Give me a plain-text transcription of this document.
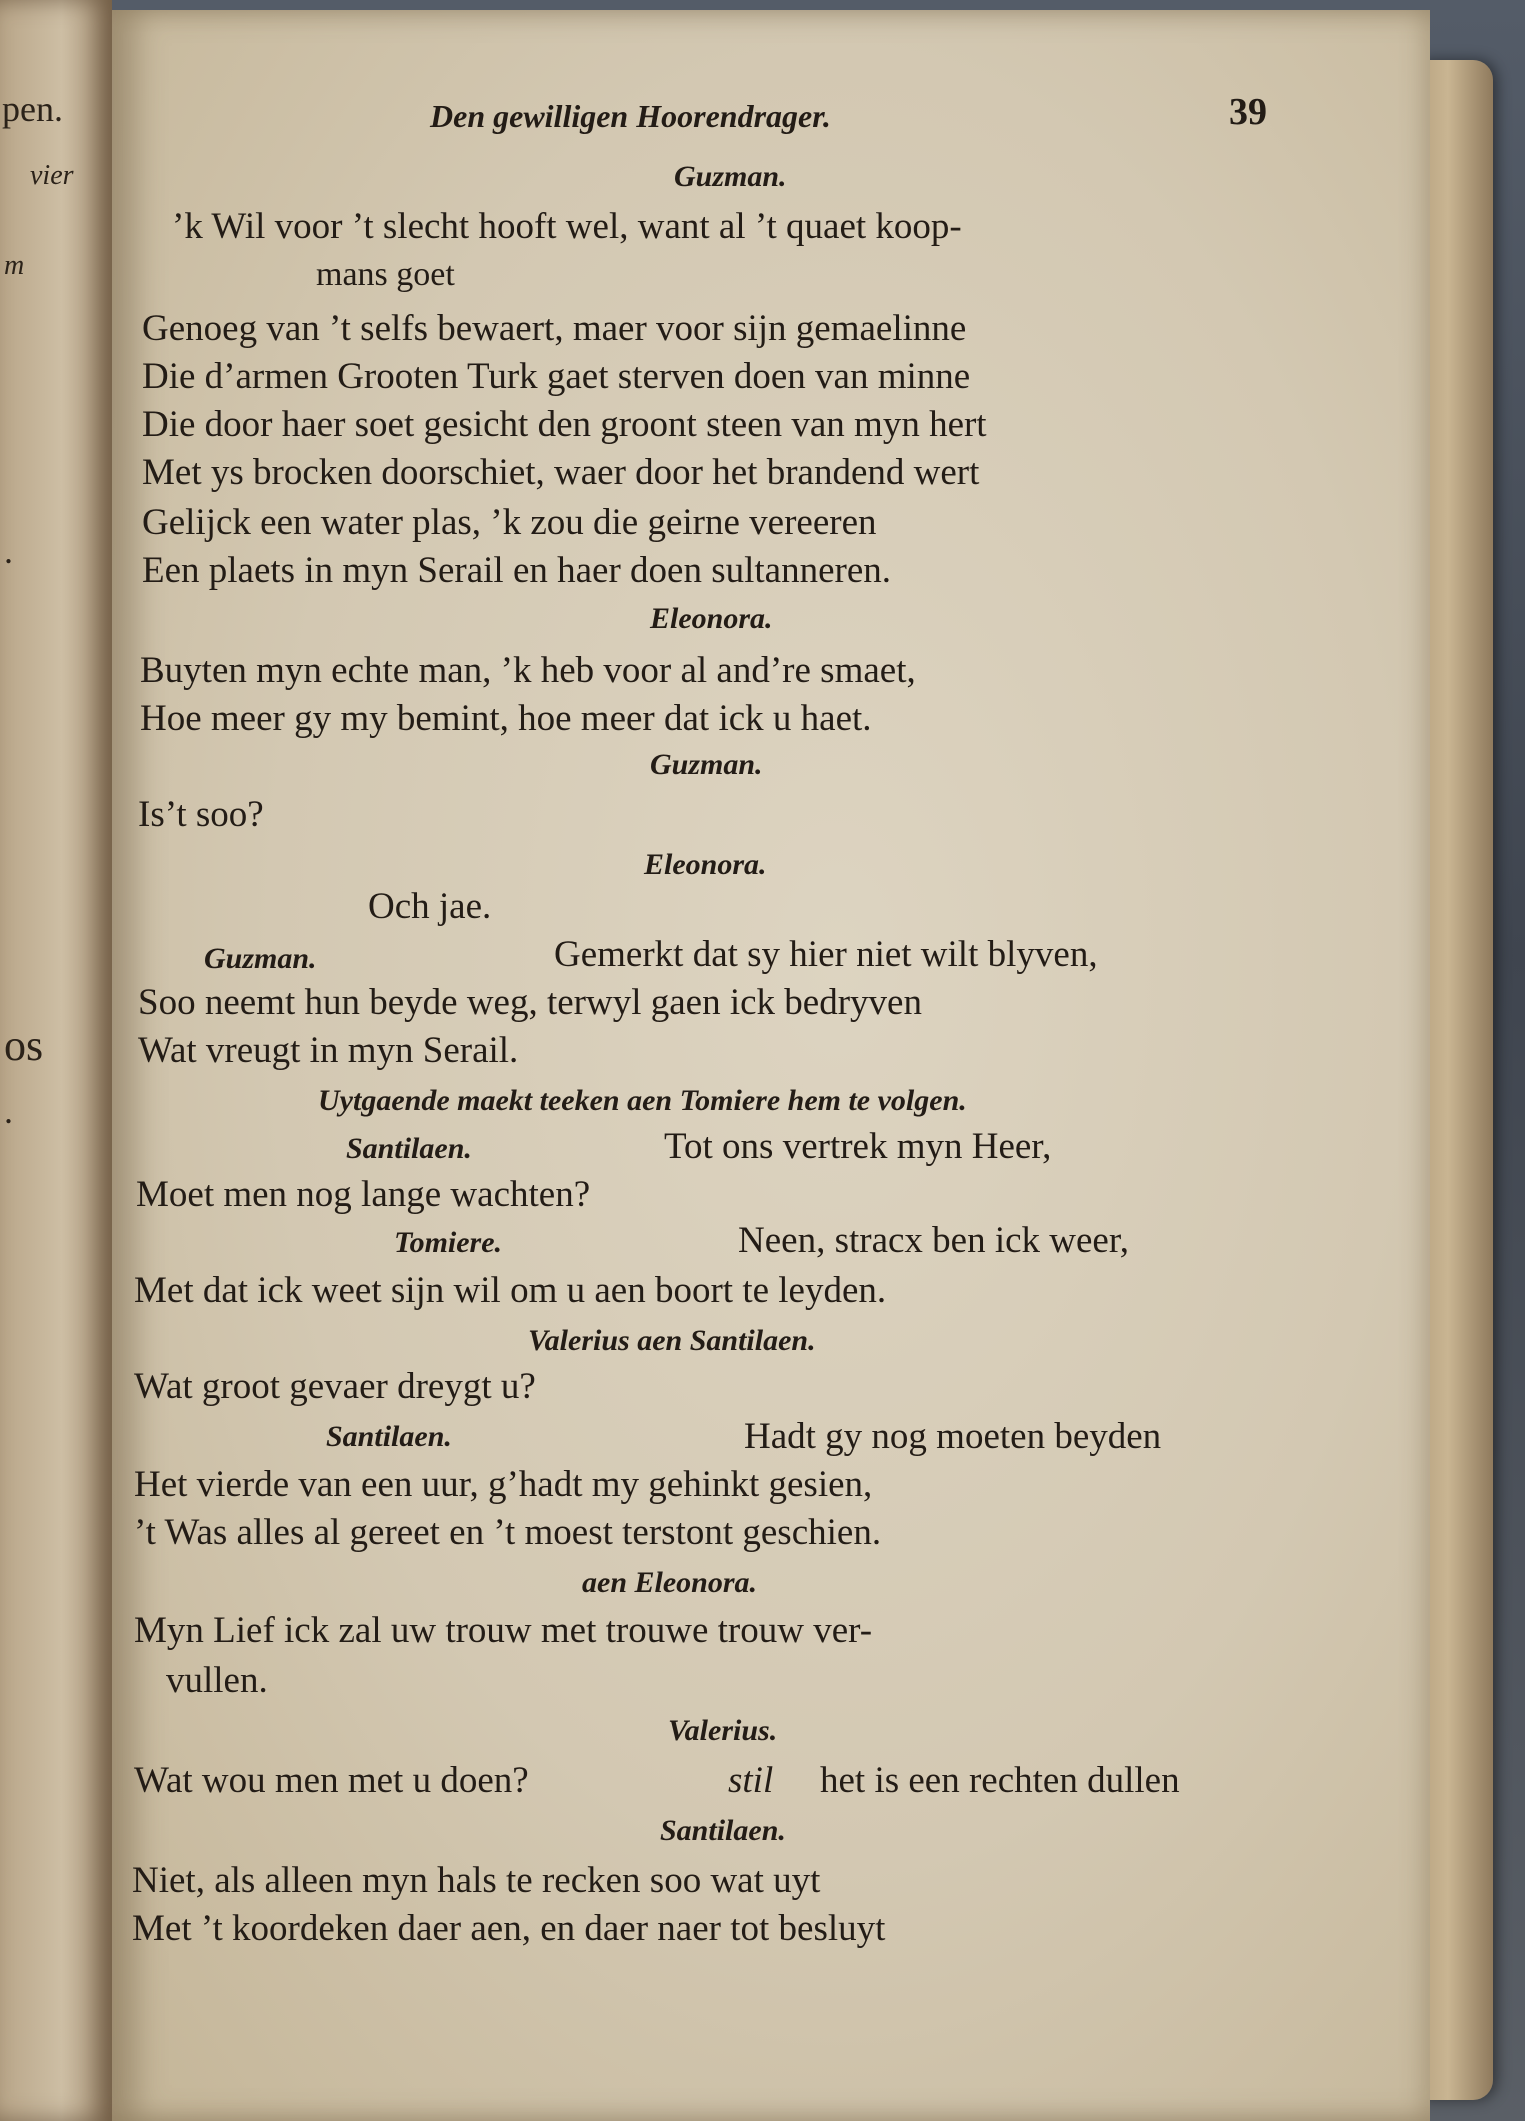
pen.
vier
m
.
os
.
Den gewilligen Hoorendrager.	39
Guzman.
’k Wil voor ’t slecht hooft wel, want al ’t quaet koop-
mans goet
Genoeg van ’t selfs bewaert, maer voor sijn gemaelinne
Die d’armen Grooten Turk gaet sterven doen van minne
Die door haer soet gesicht den groont steen van myn hert
Met ys brocken doorschiet, waer door het brandend wert
Gelijck een water plas, ’k zou die geirne vereeren
Een plaets in myn Serail en haer doen sultanneren.
Eleonora.
Buyten myn echte man, ’k heb voor al and’re smaet,
Hoe meer gy my bemint, hoe meer dat ick u haet.
Guzman.
Is’t soo?
Eleonora.
Och jae.
Guzman.	Gemerkt dat sy hier niet wilt blyven,
Soo neemt hun beyde weg, terwyl gaen ick bedryven
Wat vreugt in myn Serail.
Uytgaende maekt teeken aen Tomiere hem te volgen.
Santilaen.	Tot ons vertrek myn Heer,
Moet men nog lange wachten?
Tomiere.	Neen, stracx ben ick weer,
Met dat ick weet sijn wil om u aen boort te leyden.
Valerius aen Santilaen.
Wat groot gevaer dreygt u?
Santilaen.	Hadt gy nog moeten beyden
Het vierde van een uur, g’hadt my gehinkt gesien,
’t Was alles al gereet en ’t moest terstont geschien.
aen Eleonora.
Myn Lief ick zal uw trouw met trouwe trouw ver-
vullen.
Valerius.
Wat wou men met u doen?	stil het is een rechten dullen
Santilaen.
Niet, als alleen myn hals te recken soo wat uyt
Met ’t koordeken daer aen, en daer naer tot besluyt
